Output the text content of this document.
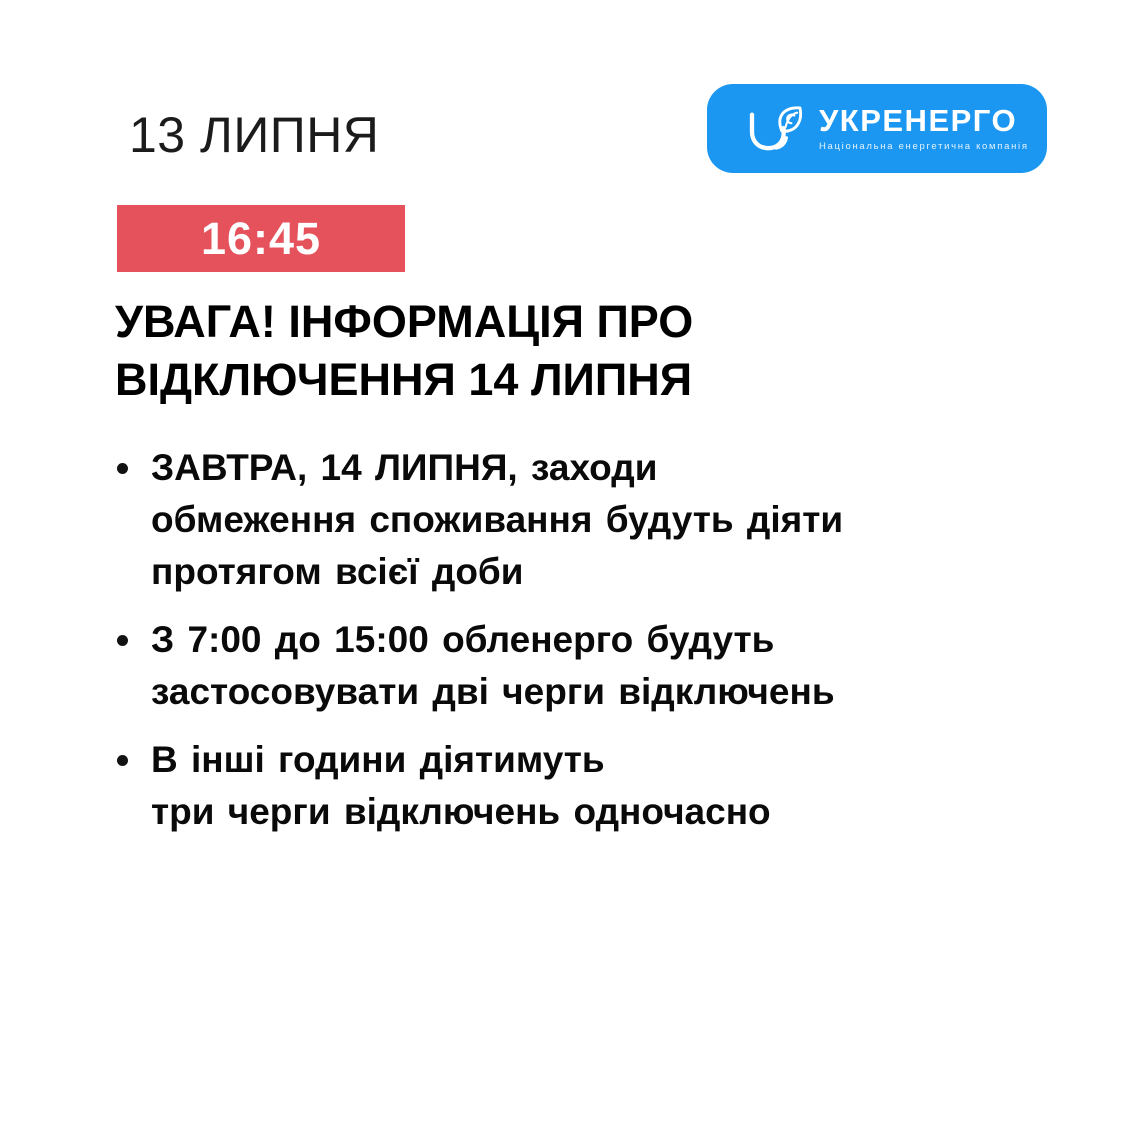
13 ЛИПНЯ	УКРЕНЕРГО
Національна енергетична компанія
16:45
УВАГА! ІНФОРМАЦІЯ ПРО
ВІДКЛЮЧЕННЯ 14 ЛИПНЯ
ЗАВТРА, 14 ЛИПНЯ, заходи
обмеження споживання будуть діяти
протягом всієї доби
З 7:00 до 15:00 обленерго будуть
застосовувати дві черги відключень
В інші години діятимуть
три черги відключень одночасно
